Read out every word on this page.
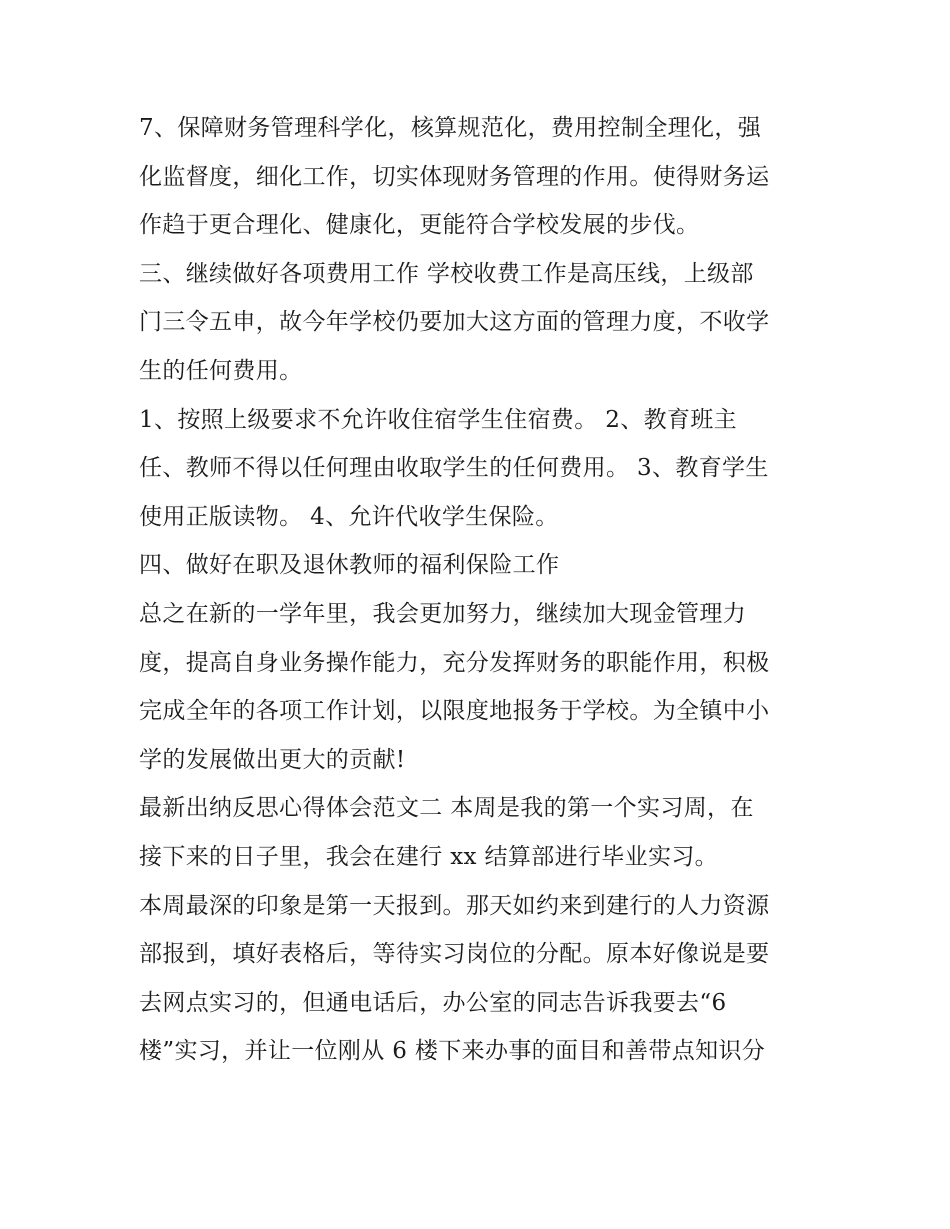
7、保障财务管理科学化，核算规范化，费用控制全理化，强
化监督度，细化工作，切实体现财务管理的作用。使得财务运
作趋于更合理化、健康化，更能符合学校发展的步伐。
三、继续做好各项费用工作 学校收费工作是高压线，上级部
门三令五申，故今年学校仍要加大这方面的管理力度，不收学
生的任何费用。
1、按照上级要求不允许收住宿学生住宿费。 2、教育班主
任、教师不得以任何理由收取学生的任何费用。 3、教育学生
使用正版读物。 4、允许代收学生保险。
四、做好在职及退休教师的福利保险工作
总之在新的一学年里，我会更加努力，继续加大现金管理力
度，提高自身业务操作能力，充分发挥财务的职能作用，积极
完成全年的各项工作计划，以限度地报务于学校。为全镇中小
学的发展做出更大的贡献!
最新出纳反思心得体会范文二 本周是我的第一个实习周，在
接下来的日子里，我会在建行 xx 结算部进行毕业实习。
本周最深的印象是第一天报到。那天如约来到建行的人力资源
部报到，填好表格后，等待实习岗位的分配。原本好像说是要
去网点实习的，但通电话后，办公室的同志告诉我要去“6
楼”实习，并让一位刚从 6 楼下来办事的面目和善带点知识分
